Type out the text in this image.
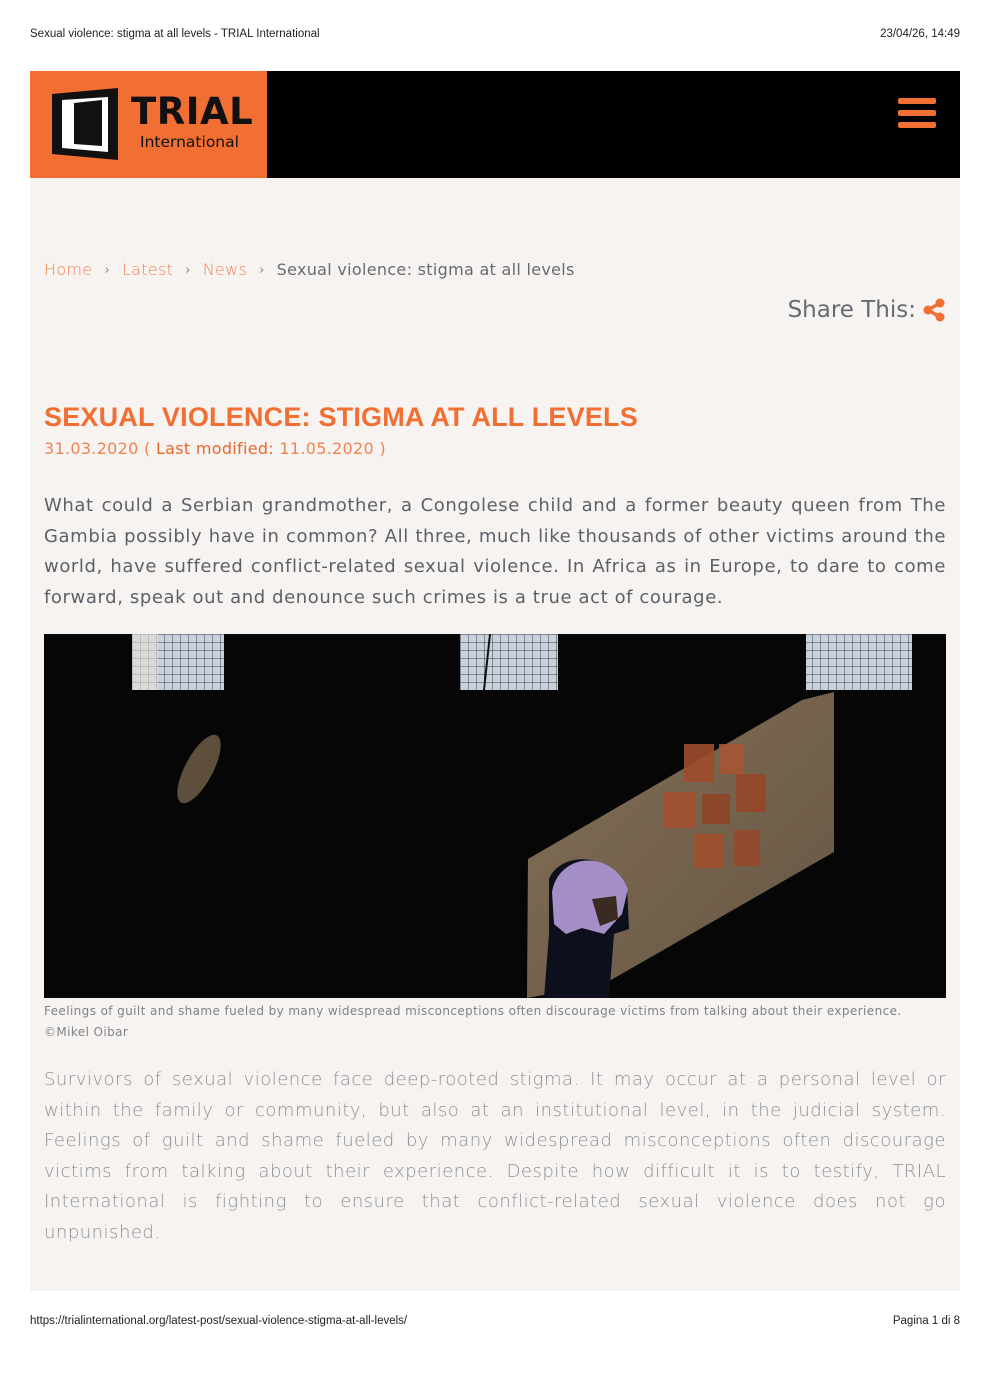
Sexual violence: stigma at all levels - TRIAL International	23/04/26, 14:49
TRIAL
International
Home › Latest › News › Sexual violence: stigma at all levels
Share This:
SEXUAL VIOLENCE: STIGMA AT ALL LEVELS
31.03.2020 ( Last modified: 11.05.2020 )

What could a Serbian grandmother, a Congolese child and a former beauty queen from The Gambia possibly have in common? All three, much like thousands of other victims around the world, have suffered conflict-related sexual violence. In Africa as in Europe, to dare to come forward, speak out and denounce such crimes is a true act of courage.

Feelings of guilt and shame fueled by many widespread misconceptions often discourage victims from talking about their experience. ©Mikel Oibar

Survivors of sexual violence face deep-rooted stigma. It may occur at a personal level or within the family or community, but also at an institutional level, in the judicial system. Feelings of guilt and shame fueled by many widespread misconceptions often discourage victims from talking about their experience. Despite how difficult it is to testify, TRIAL International is fighting to ensure that conflict-related sexual violence does not go unpunished.

https://trialinternational.org/latest-post/sexual-violence-stigma-at-all-levels/	Pagina 1 di 8
